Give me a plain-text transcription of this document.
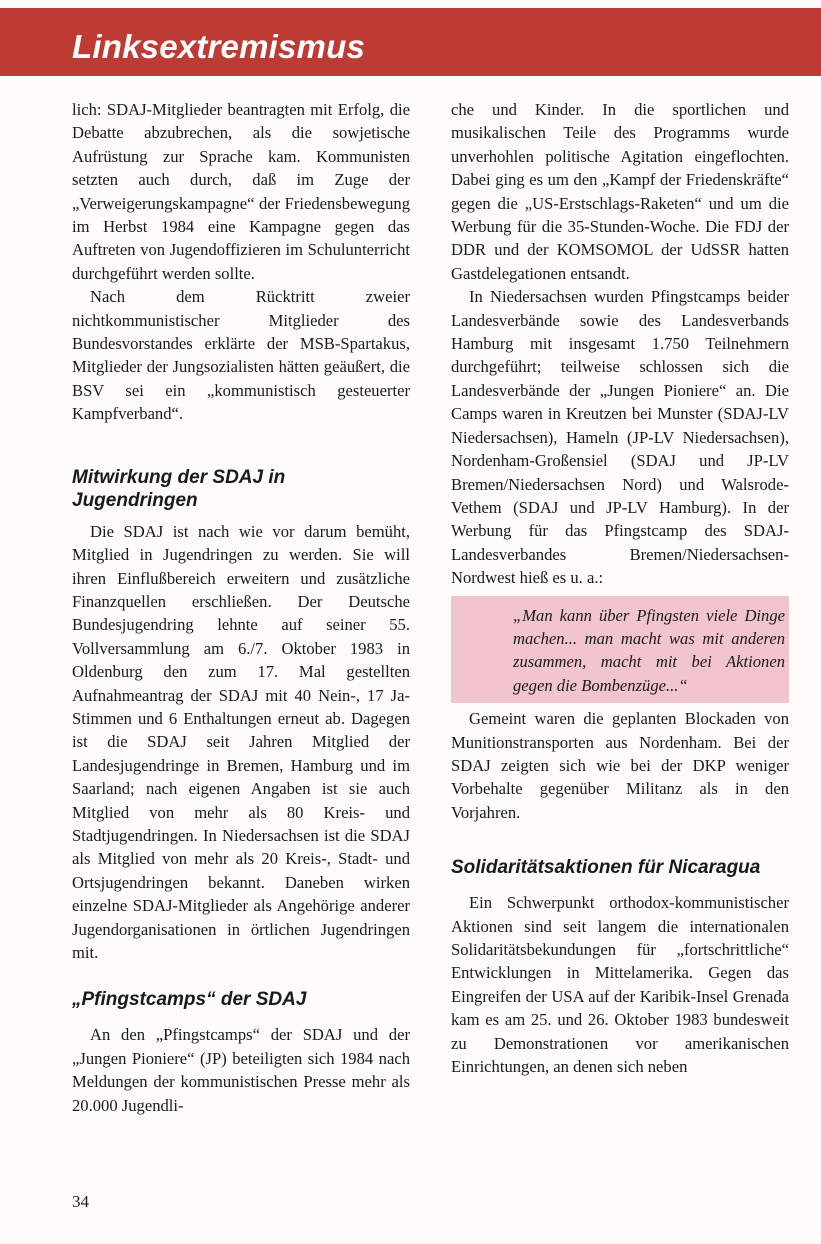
Linksextremismus

lich: SDAJ-Mitglieder beantragten mit Erfolg, die Debatte abzubrechen, als die sowjetische Aufrüstung zur Sprache kam. Kommunisten setzten auch durch, daß im Zuge der „Verweigerungskampagne“ der Friedensbewegung im Herbst 1984 eine Kampagne gegen das Auftreten von Jugendoffizieren im Schulunterricht durchgeführt werden sollte.

Nach dem Rücktritt zweier nichtkommunistischer Mitglieder des Bundesvorstandes erklärte der MSB-Spartakus, Mitglieder der Jungsozialisten hätten geäußert, die BSV sei ein „kommunistisch gesteuerter Kampfverband“.

Mitwirkung der SDAJ in Jugendringen

Die SDAJ ist nach wie vor darum bemüht, Mitglied in Jugendringen zu werden. Sie will ihren Einflußbereich erweitern und zusätzliche Finanzquellen erschließen. Der Deutsche Bundesjugendring lehnte auf seiner 55. Vollversammlung am 6./7. Oktober 1983 in Oldenburg den zum 17. Mal gestellten Aufnahmeantrag der SDAJ mit 40 Nein-, 17 Ja-Stimmen und 6 Enthaltungen erneut ab. Dagegen ist die SDAJ seit Jahren Mitglied der Landesjugendringe in Bremen, Hamburg und im Saarland; nach eigenen Angaben ist sie auch Mitglied von mehr als 80 Kreis- und Stadtjugendringen. In Niedersachsen ist die SDAJ als Mitglied von mehr als 20 Kreis-, Stadt- und Ortsjugendringen bekannt. Daneben wirken einzelne SDAJ-Mitglieder als Angehörige anderer Jugendorganisationen in örtlichen Jugendringen mit.

„Pfingstcamps“ der SDAJ

An den „Pfingstcamps“ der SDAJ und der „Jungen Pioniere“ (JP) beteiligten sich 1984 nach Meldungen der kommunistischen Presse mehr als 20.000 Jugendli-

che und Kinder. In die sportlichen und musikalischen Teile des Programms wurde unverhohlen politische Agitation eingeflochten. Dabei ging es um den „Kampf der Friedenskräfte“ gegen die „US-Erstschlags-Raketen“ und um die Werbung für die 35-Stunden-Woche. Die FDJ der DDR und der KOMSOMOL der UdSSR hatten Gastdelegationen entsandt.

In Niedersachsen wurden Pfingstcamps beider Landesverbände sowie des Landesverbands Hamburg mit insgesamt 1.750 Teilnehmern durchgeführt; teilweise schlossen sich die Landesverbände der „Jungen Pioniere“ an. Die Camps waren in Kreutzen bei Munster (SDAJ-LV Niedersachsen), Hameln (JP-LV Niedersachsen), Nordenham-Großensiel (SDAJ und JP-LV Bremen/Niedersachsen Nord) und Walsrode-Vethem (SDAJ und JP-LV Hamburg). In der Werbung für das Pfingstcamp des SDAJ-Landesverbandes Bremen/Niedersachsen-Nordwest hieß es u. a.:

„Man kann über Pfingsten viele Dinge machen... man macht was mit anderen zusammen, macht mit bei Aktionen gegen die Bombenzüge...“

Gemeint waren die geplanten Blockaden von Munitionstransporten aus Nordenham. Bei der SDAJ zeigten sich wie bei der DKP weniger Vorbehalte gegenüber Militanz als in den Vorjahren.

Solidaritätsaktionen für Nicaragua

Ein Schwerpunkt orthodox-kommunistischer Aktionen sind seit langem die internationalen Solidaritätsbekundungen für „fortschrittliche“ Entwicklungen in Mittelamerika. Gegen das Eingreifen der USA auf der Karibik-Insel Grenada kam es am 25. und 26. Oktober 1983 bundesweit zu Demonstrationen vor amerikanischen Einrichtungen, an denen sich neben

34
